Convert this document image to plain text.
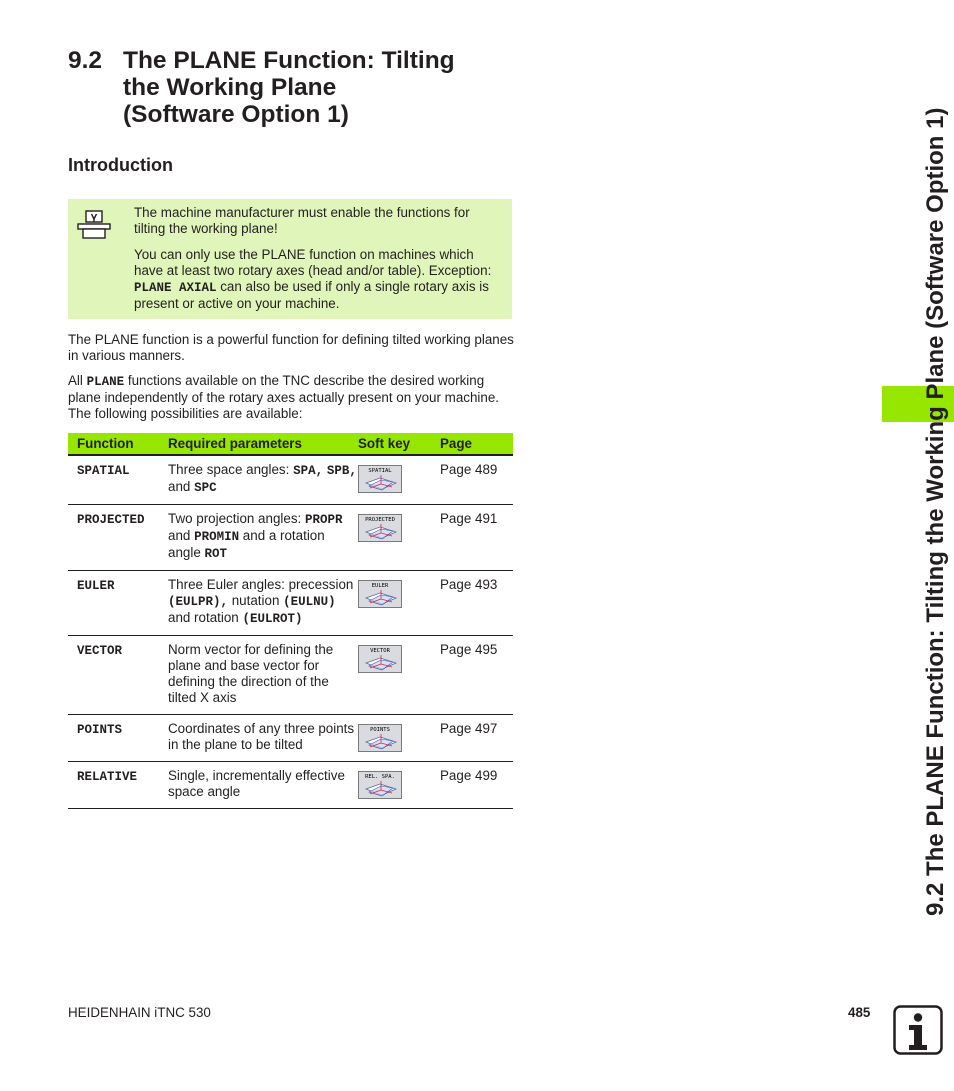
9.2 The PLANE Function: Tilting
the Working Plane
(Software Option 1)
Introduction

The machine manufacturer must enable the functions for tilting the working plane!

You can only use the PLANE function on machines which have at least two rotary axes (head and/or table). Exception: PLANE AXIAL can also be used if only a single rotary axis is present or active on your machine.

The PLANE function is a powerful function for defining tilted working planes in various manners.

All PLANE functions available on the TNC describe the desired working plane independently of the rotary axes actually present on your machine. The following possibilities are available:

Function	Required parameters	Soft key	Page
SPATIAL	Three space angles: SPA, SPB, and SPC	SPATIAL	Page 489
PROJECTED	Two projection angles: PROPR and PROMIN and a rotation angle ROT	PROJECTED	Page 491
EULER	Three Euler angles: precession (EULPR), nutation (EULNU) and rotation (EULROT)	EULER	Page 493
VECTOR	Norm vector for defining the plane and base vector for defining the direction of the tilted X axis	VECTOR	Page 495
POINTS	Coordinates of any three points in the plane to be tilted	POINTS	Page 497
RELATIVE	Single, incrementally effective space angle	REL. SPA.	Page 499	9.2 The PLANE Function: Tilting the Working Plane (Software Option 1)
HEIDENHAIN iTNC 530	485
